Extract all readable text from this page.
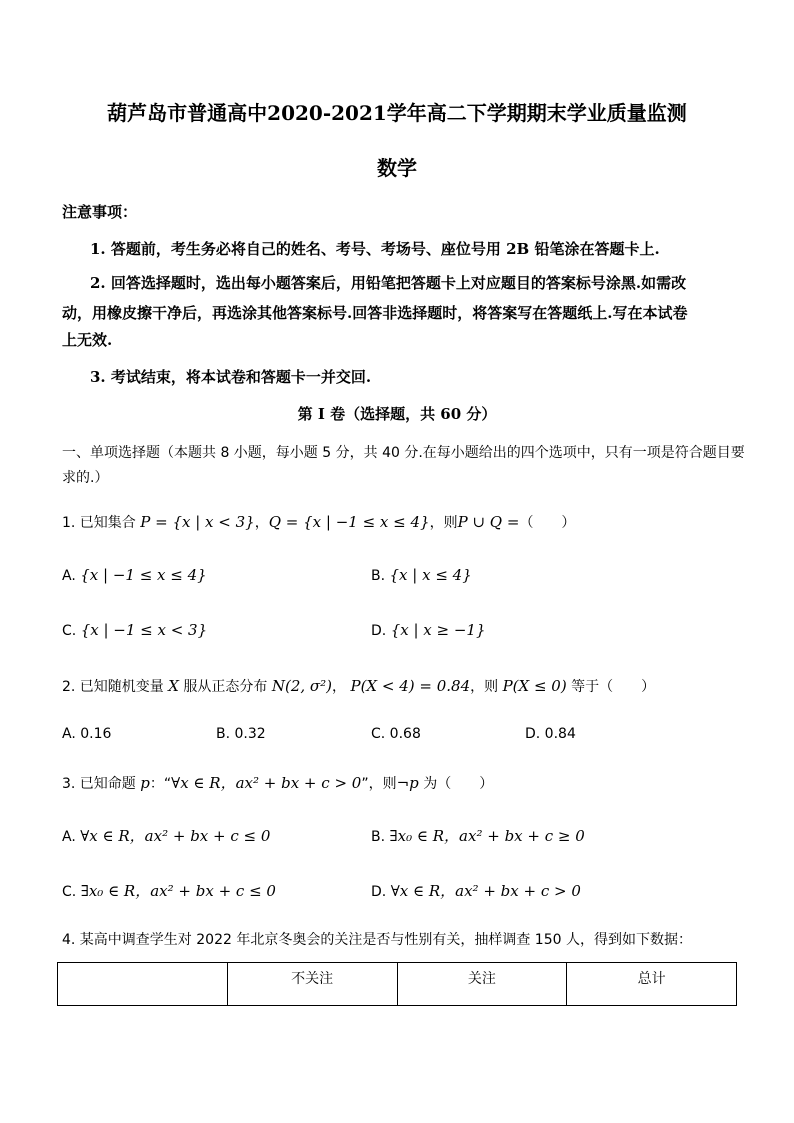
葫芦岛市普通高中2020-2021学年高二下学期期末学业质量监测
数学
注意事项：
1. 答题前，考生务必将自己的姓名、考号、考场号、座位号用 2B 铅笔涂在答题卡上.
2. 回答选择题时，选出每小题答案后，用铅笔把答题卡上对应题目的答案标号涂黑.如需改
动，用橡皮擦干净后，再选涂其他答案标号.回答非选择题时，将答案写在答题纸上.写在本试卷
上无效.
3. 考试结束，将本试卷和答题卡一并交回.
第 I 卷（选择题，共 60 分）
一、单项选择题（本题共 8 小题，每小题 5 分，共 40 分.在每小题给出的四个选项中，只有一项是符合题目要
求的.）
1. 已知集合 P = {x | x < 3}，Q = {x | −1 ≤ x ≤ 4}，则P ∪ Q =（　　）
A. {x | −1 ≤ x ≤ 4}	B. {x | x ≤ 4}
C. {x | −1 ≤ x < 3}	D. {x | x ≥ −1}
2. 已知随机变量 X 服从正态分布 N(2, σ²)， P(X < 4) = 0.84，则 P(X ≤ 0) 等于（　　）
A. 0.16	B. 0.32	C. 0.68	D. 0.84
3. 已知命题 p：“∀x ∈ R，ax² + bx + c > 0”，则¬p 为（　　）
A. ∀x ∈ R，ax² + bx + c ≤ 0	B. ∃x₀ ∈ R，ax² + bx + c ≥ 0
C. ∃x₀ ∈ R，ax² + bx + c ≤ 0	D. ∀x ∈ R，ax² + bx + c > 0
4. 某高中调查学生对 2022 年北京冬奥会的关注是否与性别有关，抽样调查 150 人，得到如下数据：
	不关注	关注	总计
